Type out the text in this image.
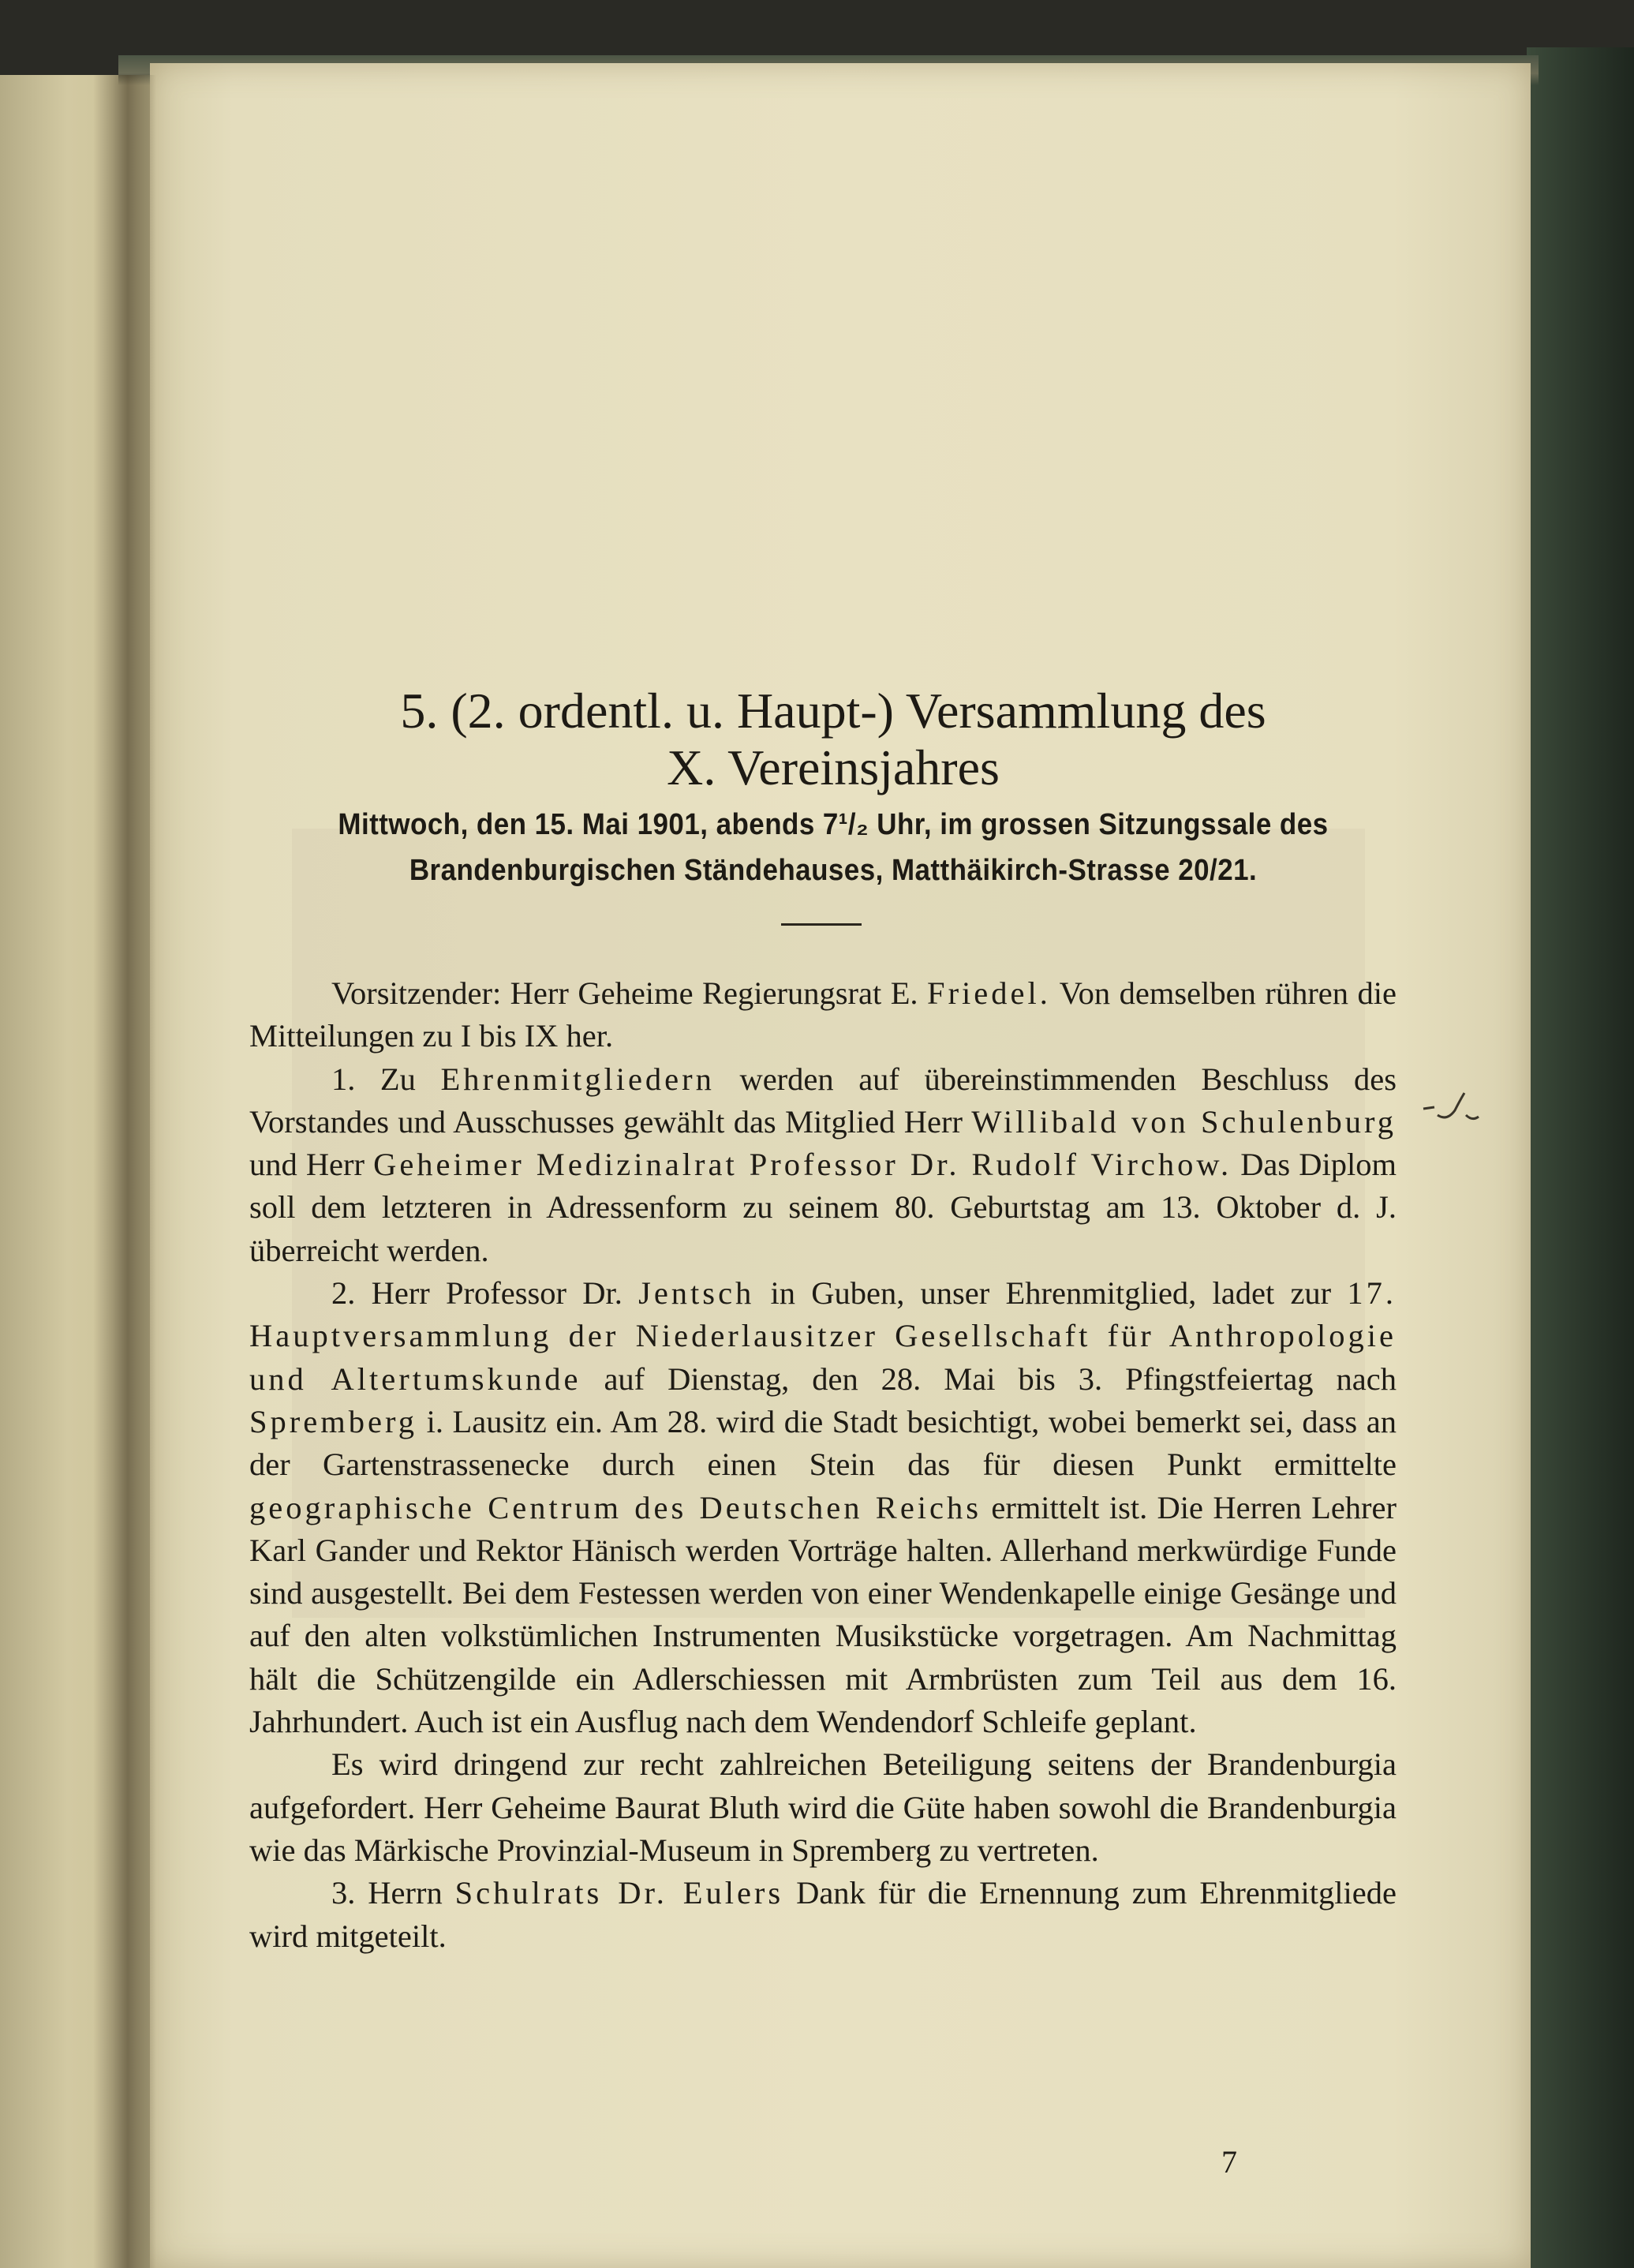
5. (2. ordentl. u. Haupt-) Versammlung des
X. Vereinsjahres
Mittwoch, den 15. Mai 1901, abends 7¹/₂ Uhr, im grossen Sitzungssale des
Brandenburgischen Ständehauses, Matthäikirch-Strasse 20/21.

Vorsitzender: Herr Geheime Regierungsrat E. Friedel. Von demselben rühren die Mitteilungen zu I bis IX her.

1. Zu Ehrenmitgliedern werden auf übereinstimmenden Beschluss des Vorstandes und Ausschusses gewählt das Mitglied Herr Willibald von Schulenburg und Herr Geheimer Medizinalrat Professor Dr. Rudolf Virchow. Das Diplom soll dem letzteren in Adressenform zu seinem 80. Geburtstag am 13. Oktober d. J. überreicht werden.

2. Herr Professor Dr. Jentsch in Guben, unser Ehrenmitglied, ladet zur 17. Hauptversammlung der Niederlausitzer Gesellschaft für Anthropologie und Altertumskunde auf Dienstag, den 28. Mai bis 3. Pfingstfeiertag nach Spremberg i. Lausitz ein. Am 28. wird die Stadt besichtigt, wobei bemerkt sei, dass an der Gartenstrassenecke durch einen Stein das für diesen Punkt ermittelte geographische Centrum des Deutschen Reichs ermittelt ist. Die Herren Lehrer Karl Gander und Rektor Hänisch werden Vorträge halten. Allerhand merkwürdige Funde sind ausgestellt. Bei dem Festessen werden von einer Wendenkapelle einige Gesänge und auf den alten volkstümlichen Instrumenten Musikstücke vorgetragen. Am Nachmittag hält die Schützengilde ein Adlerschiessen mit Armbrüsten zum Teil aus dem 16. Jahrhundert. Auch ist ein Ausflug nach dem Wendendorf Schleife geplant.

Es wird dringend zur recht zahlreichen Beteiligung seitens der Brandenburgia aufgefordert. Herr Geheime Baurat Bluth wird die Güte haben sowohl die Brandenburgia wie das Märkische Provinzial-Museum in Spremberg zu vertreten.

3. Herrn Schulrats Dr. Eulers Dank für die Ernennung zum Ehrenmitgliede wird mitgeteilt.

7
